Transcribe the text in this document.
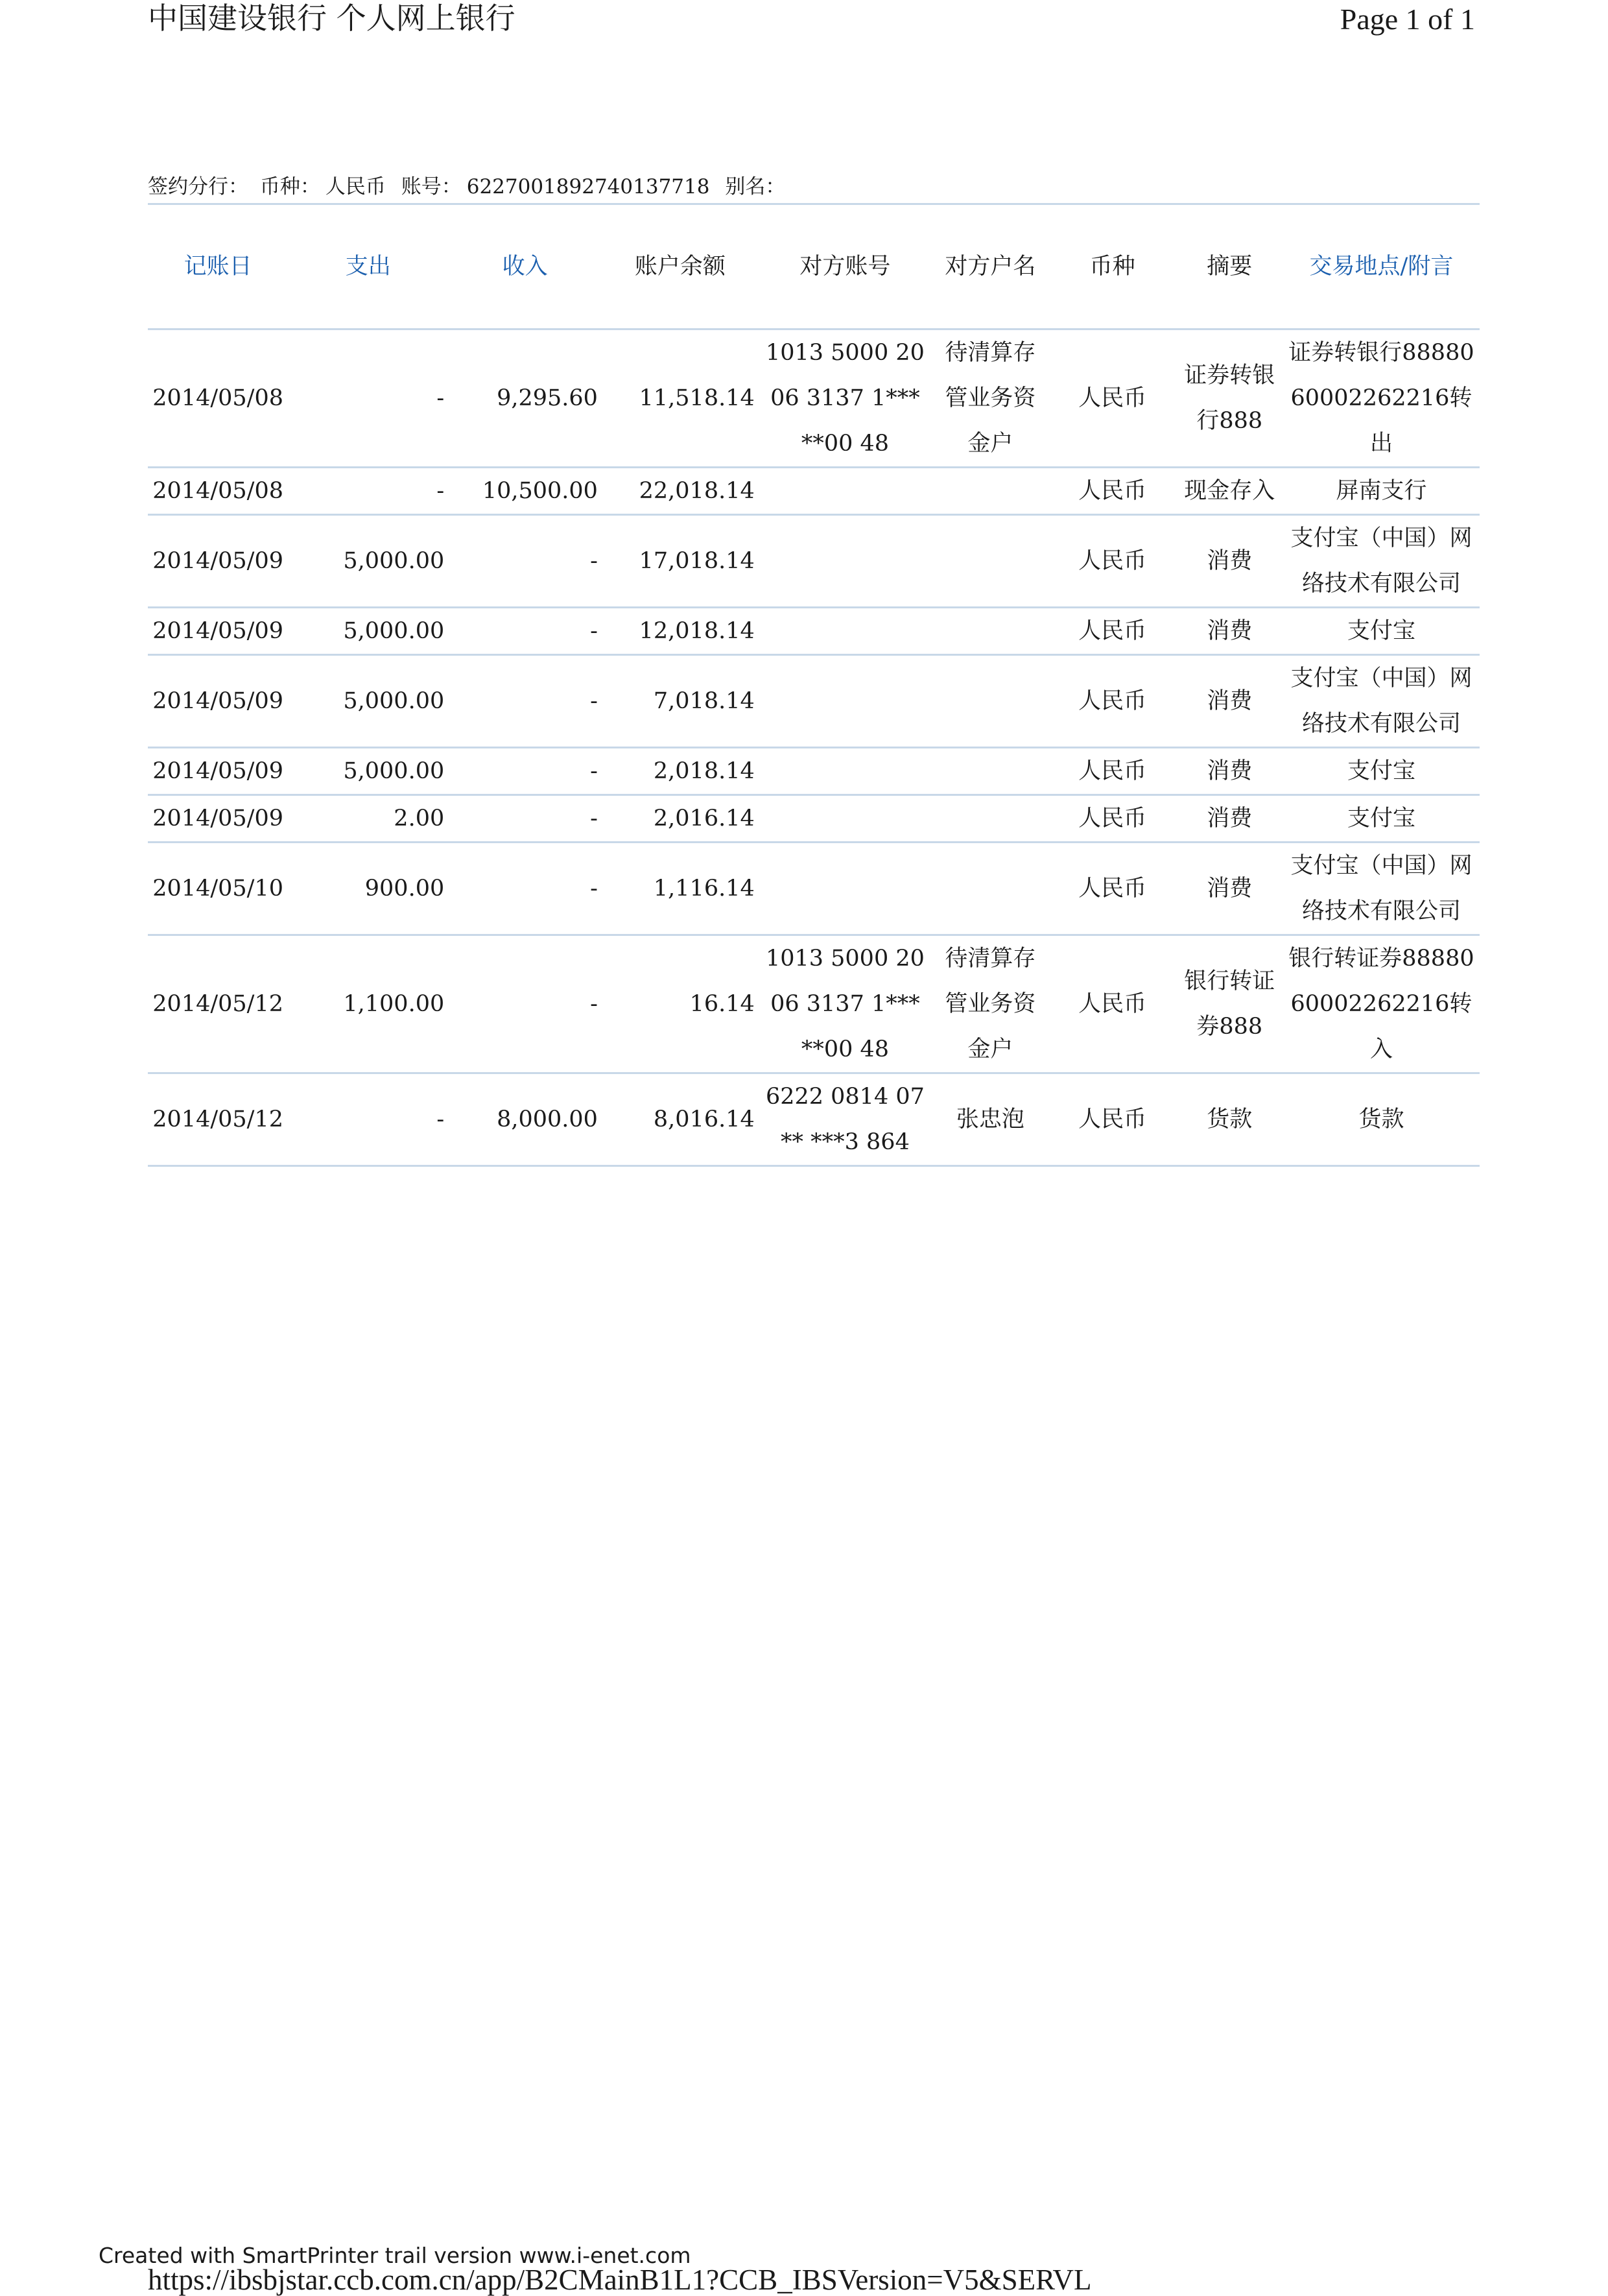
中国建设银行 个人网上银行	Page 1 of 1
签约分行： 币种： 人民币 账号： 6227001892740137718 别名：
记账日	支出	收入	账户余额	对方账号	对方户名	币种	摘要	交易地点/附言
2014/05/08	-	9,295.60	11,518.14	1013 5000 2006 3137 1*** **00 48	待清算存管业务资金户	人民币	证券转银行888	证券转银行8888060002262216转出
2014/05/08	-	10,500.00	22,018.14			人民币	现金存入	屏南支行
2014/05/09	5,000.00	-	17,018.14			人民币	消费	支付宝（中国）网络技术有限公司
2014/05/09	5,000.00	-	12,018.14			人民币	消费	支付宝
2014/05/09	5,000.00	-	7,018.14			人民币	消费	支付宝（中国）网络技术有限公司
2014/05/09	5,000.00	-	2,018.14			人民币	消费	支付宝
2014/05/09	2.00	-	2,016.14			人民币	消费	支付宝
2014/05/10	900.00	-	1,116.14			人民币	消费	支付宝（中国）网络技术有限公司
2014/05/12	1,100.00	-	16.14	1013 5000 2006 3137 1*** **00 48	待清算存管业务资金户	人民币	银行转证券888	银行转证券8888060002262216转入
2014/05/12	-	8,000.00	8,016.14	6222 0814 07** ***3 864	张忠泡	人民币	货款	货款
Created with SmartPrinter trail version www.i-enet.com
https://ibsbjstar.ccb.com.cn/app/B2CMainB1L1?CCB_IBSVersion=V5&SERVL
